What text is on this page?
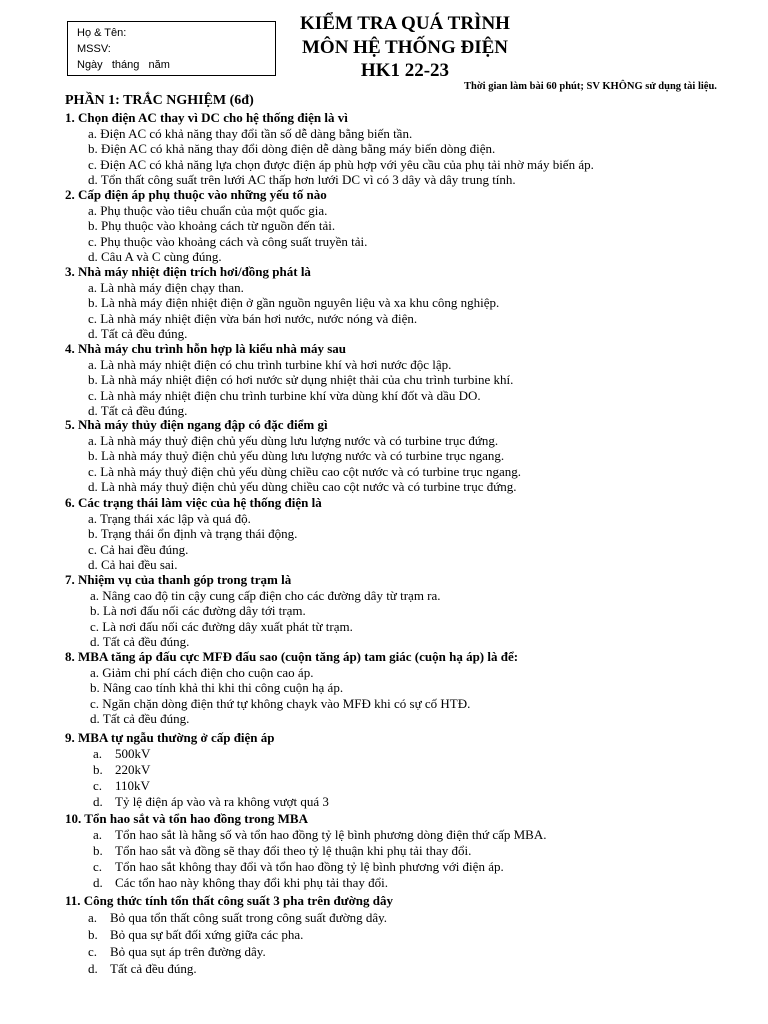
Họ & Tên:
MSSV:
Ngày   tháng   năm
KIỂM TRA QUÁ TRÌNH
MÔN HỆ THỐNG ĐIỆN
HK1 22-23
Thời gian làm bài 60 phút; SV KHÔNG sử dụng tài liệu.
PHẦN 1: TRẮC NGHIỆM (6đ)
1. Chọn điện AC thay vì DC cho hệ thống điện là vì
a. Điện AC có khả năng thay đổi tần số dễ dàng bằng biến tần.
b. Điện AC có khả năng thay đổi dòng điện dễ dàng bằng máy biến dòng điện.
c. Điện AC có khả năng lựa chọn được điện áp phù hợp với yêu cầu của phụ tải nhờ máy biến áp.
d. Tổn thất công suất trên lưới AC thấp hơn lưới DC vì có 3 dây và dây trung tính.
2. Cấp điện áp phụ thuộc vào những yếu tố nào
a. Phụ thuộc vào tiêu chuẩn của một quốc gia.
b. Phụ thuộc vào khoảng cách từ nguồn đến tải.
c. Phụ thuộc vào khoảng cách và công suất truyền tải.
d. Câu A và C cùng đúng.
3. Nhà máy nhiệt điện trích hơi/đồng phát là
a. Là nhà máy điện chạy than.
b. Là nhà máy điện nhiệt điện ở gần nguồn nguyên liệu và xa khu công nghiệp.
c. Là nhà máy nhiệt điện vừa bán hơi nước, nước nóng và điện.
d. Tất cả đều đúng.
4. Nhà máy chu trình hỗn hợp là kiểu nhà máy sau
a. Là nhà máy nhiệt điện có chu trình turbine khí và hơi nước độc lập.
b. Là nhà máy nhiệt điện có hơi nước sử dụng nhiệt thải của chu trình turbine khí.
c. Là nhà máy nhiệt điện chu trình turbine khí vừa dùng khí đốt và dầu DO.
d. Tất cả đều đúng.
5. Nhà máy thủy điện ngang đập có đặc điểm gì
a. Là nhà máy thuỷ điện chủ yếu dùng lưu lượng nước và có turbine trục đứng.
b. Là nhà máy thuỷ điện chủ yếu dùng lưu lượng nước và có turbine trục ngang.
c. Là nhà máy thuỷ điện chủ yếu dùng chiều cao cột nước và có turbine trục ngang.
d. Là nhà máy thuỷ điện chủ yếu dùng chiều cao cột nước và có turbine trục đứng.
6. Các trạng thái làm việc của hệ thống điện là
a. Trạng thái xác lập và quá độ.
b. Trạng thái ổn định và trạng thái động.
c. Cả hai đều đúng.
d. Cả hai đều sai.
7. Nhiệm vụ của thanh góp trong trạm là
a. Nâng cao độ tin cậy cung cấp điện cho các đường dây từ trạm ra.
b. Là nơi đấu nối các đường dây tới trạm.
c. Là nơi đấu nối các đường dây xuất phát từ trạm.
d. Tất cả đều đúng.
8. MBA tăng áp đấu cực MFĐ đấu sao (cuộn tăng áp) tam giác (cuộn hạ áp) là để:
a. Giảm chi phí cách điện cho cuộn cao áp.
b. Nâng cao tính khả thi khi thi công cuộn hạ áp.
c. Ngăn chặn dòng điện thứ tự không chayk vào MFĐ khi có sự cố HTĐ.
d. Tất cả đều đúng.
9. MBA tự ngẫu thường ở cấp điện áp
a. 500kV
b. 220kV
c. 110kV
d. Tỷ lệ điện áp vào và ra không vượt quá 3
10. Tổn hao sắt và tổn hao đồng trong MBA
a. Tổn hao sắt là hằng số và tổn hao đồng tỷ lệ bình phương dòng điện thứ cấp MBA.
b. Tổn hao sắt và đồng sẽ thay đổi theo tỷ lệ thuận khi phụ tải thay đổi.
c. Tổn hao sắt không thay đổi và tổn hao đồng tỷ lệ bình phương với điện áp.
d. Các tổn hao này không thay đổi khi phụ tải thay đổi.
11. Công thức tính tổn thất công suất 3 pha trên đường dây
a. Bỏ qua tổn thất công suất trong công suất đường dây.
b. Bỏ qua sự bất đối xứng giữa các pha.
c. Bỏ qua sụt áp trên đường dây.
d. Tất cả đều đúng.
